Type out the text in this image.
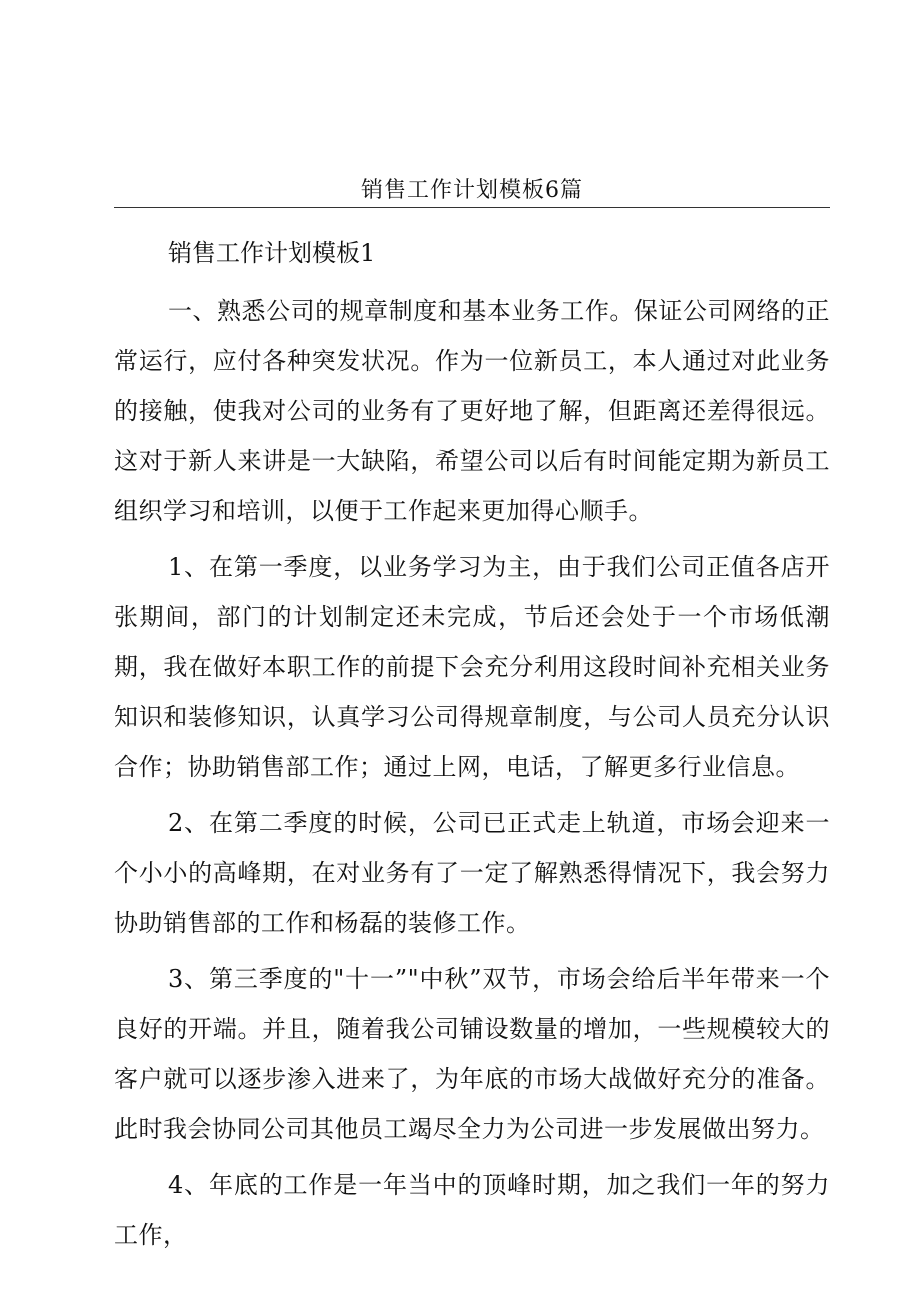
销售工作计划模板6篇

销售工作计划模板1

一、熟悉公司的规章制度和基本业务工作。保证公司网络的正常运行，应付各种突发状况。作为一位新员工，本人通过对此业务的接触，使我对公司的业务有了更好地了解，但距离还差得很远。这对于新人来讲是一大缺陷，希望公司以后有时间能定期为新员工组织学习和培训，以便于工作起来更加得心顺手。

1、在第一季度，以业务学习为主，由于我们公司正值各店开张期间，部门的计划制定还未完成，节后还会处于一个市场低潮期，我在做好本职工作的前提下会充分利用这段时间补充相关业务知识和装修知识，认真学习公司得规章制度，与公司人员充分认识合作；协助销售部工作；通过上网，电话，了解更多行业信息。

2、在第二季度的时候，公司已正式走上轨道，市场会迎来一个小小的高峰期，在对业务有了一定了解熟悉得情况下，我会努力协助销售部的工作和杨磊的装修工作。

3、第三季度的"十一”"中秋”双节，市场会给后半年带来一个良好的开端。并且，随着我公司铺设数量的增加，一些规模较大的客户就可以逐步渗入进来了，为年底的市场大战做好充分的准备。此时我会协同公司其他员工竭尽全力为公司进一步发展做出努力。

4、年底的工作是一年当中的顶峰时期，加之我们一年的努力工作，
